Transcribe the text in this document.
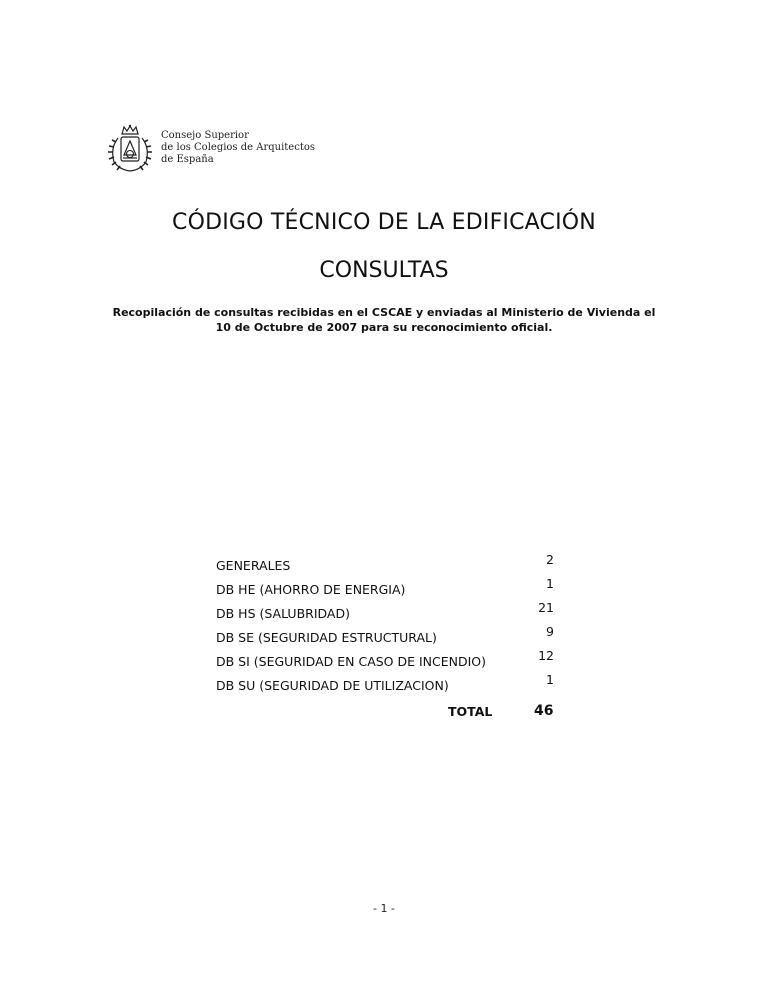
Consejo Superior
de los Colegios de Arquitectos
de España
CÓDIGO TÉCNICO DE LA EDIFICACIÓN
CONSULTAS
Recopilación de consultas recibidas en el CSCAE y enviadas al Ministerio de Vivienda el 10 de Octubre de 2007 para su reconocimiento oficial.
GENERALES	2
DB HE (AHORRO DE ENERGIA)	1
DB HS (SALUBRIDAD)	21
DB SE (SEGURIDAD ESTRUCTURAL)	9
DB SI (SEGURIDAD EN CASO DE INCENDIO)	12
DB SU (SEGURIDAD DE UTILIZACION)	1
TOTAL	46
- 1 -
